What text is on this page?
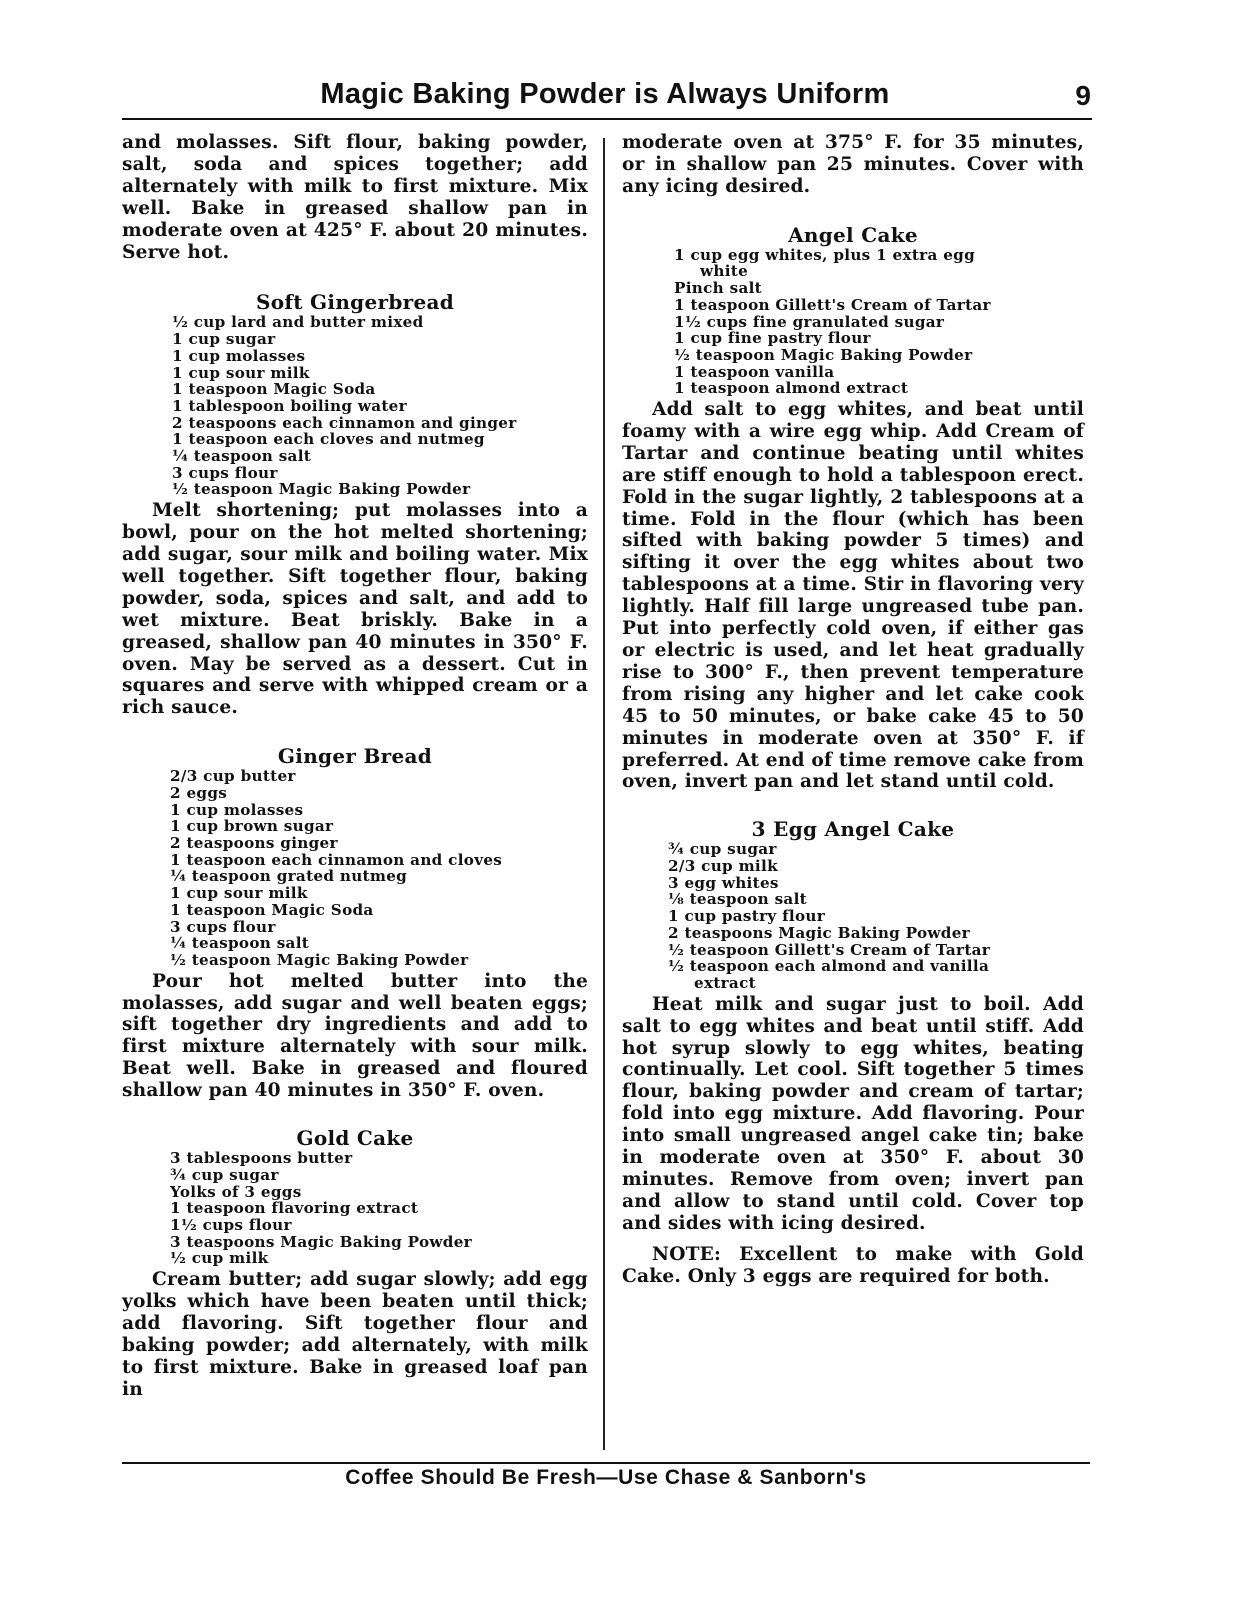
Magic Baking Powder is Always Uniform	9

and molasses. Sift flour, baking powder, salt, soda and spices together; add alternately with milk to first mixture. Mix well. Bake in greased shallow pan in moderate oven at 425° F. about 20 minutes. Serve hot.

Soft Gingerbread

½ cup lard and butter mixed
1 cup sugar
1 cup molasses
1 cup sour milk
1 teaspoon Magic Soda
1 tablespoon boiling water
2 teaspoons each cinnamon and ginger
1 teaspoon each cloves and nutmeg
¼ teaspoon salt
3 cups flour
½ teaspoon Magic Baking Powder

Melt shortening; put molasses into a bowl, pour on the hot melted shortening; add sugar, sour milk and boiling water. Mix well together. Sift together flour, baking powder, soda, spices and salt, and add to wet mixture. Beat briskly. Bake in a greased, shallow pan 40 minutes in 350° F. oven. May be served as a dessert. Cut in squares and serve with whipped cream or a rich sauce.

Ginger Bread

2/3 cup butter
2 eggs
1 cup molasses
1 cup brown sugar
2 teaspoons ginger
1 teaspoon each cinnamon and cloves
¼ teaspoon grated nutmeg
1 cup sour milk
1 teaspoon Magic Soda
3 cups flour
¼ teaspoon salt
½ teaspoon Magic Baking Powder

Pour hot melted butter into the molasses, add sugar and well beaten eggs; sift together dry ingredients and add to first mixture alternately with sour milk. Beat well. Bake in greased and floured shallow pan 40 minutes in 350° F. oven.

Gold Cake

3 tablespoons butter
¾ cup sugar
Yolks of 3 eggs
1 teaspoon flavoring extract
1½ cups flour
3 teaspoons Magic Baking Powder
½ cup milk

Cream butter; add sugar slowly; add egg yolks which have been beaten until thick; add flavoring. Sift together flour and baking powder; add alternately, with milk to first mixture. Bake in greased loaf pan in

moderate oven at 375° F. for 35 minutes, or in shallow pan 25 minutes. Cover with any icing desired.

Angel Cake

1 cup egg whites, plus 1 extra egg
white
Pinch salt
1 teaspoon Gillett's Cream of Tartar
1½ cups fine granulated sugar
1 cup fine pastry flour
½ teaspoon Magic Baking Powder
1 teaspoon vanilla
1 teaspoon almond extract

Add salt to egg whites, and beat until foamy with a wire egg whip. Add Cream of Tartar and continue beating until whites are stiff enough to hold a tablespoon erect. Fold in the sugar lightly, 2 tablespoons at a time. Fold in the flour (which has been sifted with baking powder 5 times) and sifting it over the egg whites about two tablespoons at a time. Stir in flavoring very lightly. Half fill large ungreased tube pan. Put into perfectly cold oven, if either gas or electric is used, and let heat gradually rise to 300° F., then prevent temperature from rising any higher and let cake cook 45 to 50 minutes, or bake cake 45 to 50 minutes in moderate oven at 350° F. if preferred. At end of time remove cake from oven, invert pan and let stand until cold.

3 Egg Angel Cake

¾ cup sugar
2/3 cup milk
3 egg whites
⅛ teaspoon salt
1 cup pastry flour
2 teaspoons Magic Baking Powder
½ teaspoon Gillett's Cream of Tartar
½ teaspoon each almond and vanilla
extract

Heat milk and sugar just to boil. Add salt to egg whites and beat until stiff. Add hot syrup slowly to egg whites, beating continually. Let cool. Sift together 5 times flour, baking powder and cream of tartar; fold into egg mixture. Add flavoring. Pour into small ungreased angel cake tin; bake in moderate oven at 350° F. about 30 minutes. Remove from oven; invert pan and allow to stand until cold. Cover top and sides with icing desired.

NOTE: Excellent to make with Gold Cake. Only 3 eggs are required for both.

Coffee Should Be Fresh—Use Chase & Sanborn's
